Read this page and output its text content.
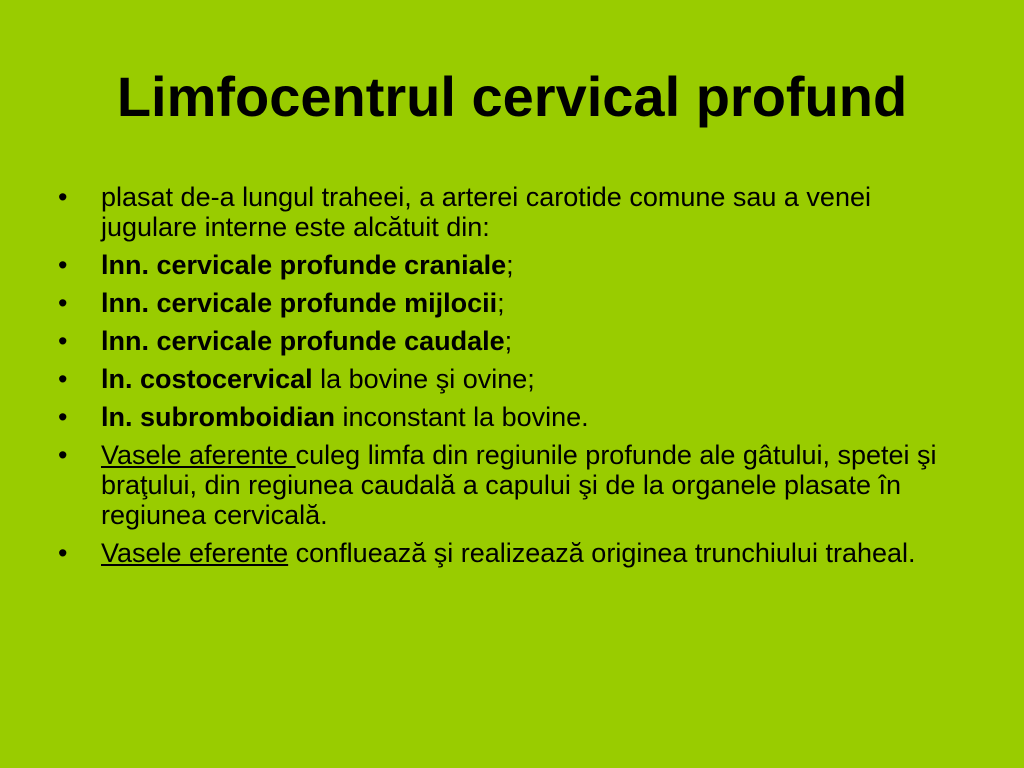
Limfocentrul cervical profund
•	plasat de-a lungul traheei, a arterei carotide comune sau a venei jugulare interne este alcătuit din:
•	lnn. cervicale profunde craniale;
•	lnn. cervicale profunde mijlocii;
•	lnn. cervicale profunde caudale;
•	ln. costocervical la bovine şi ovine;
•	ln. subromboidian inconstant la bovine.
•	Vasele aferente culeg limfa din regiunile profunde ale gâtului, spetei şi braţului, din regiunea caudală a capului şi de la organele plasate în regiunea cervicală.
•	Vasele eferente confluează şi realizează originea trunchiului traheal.
